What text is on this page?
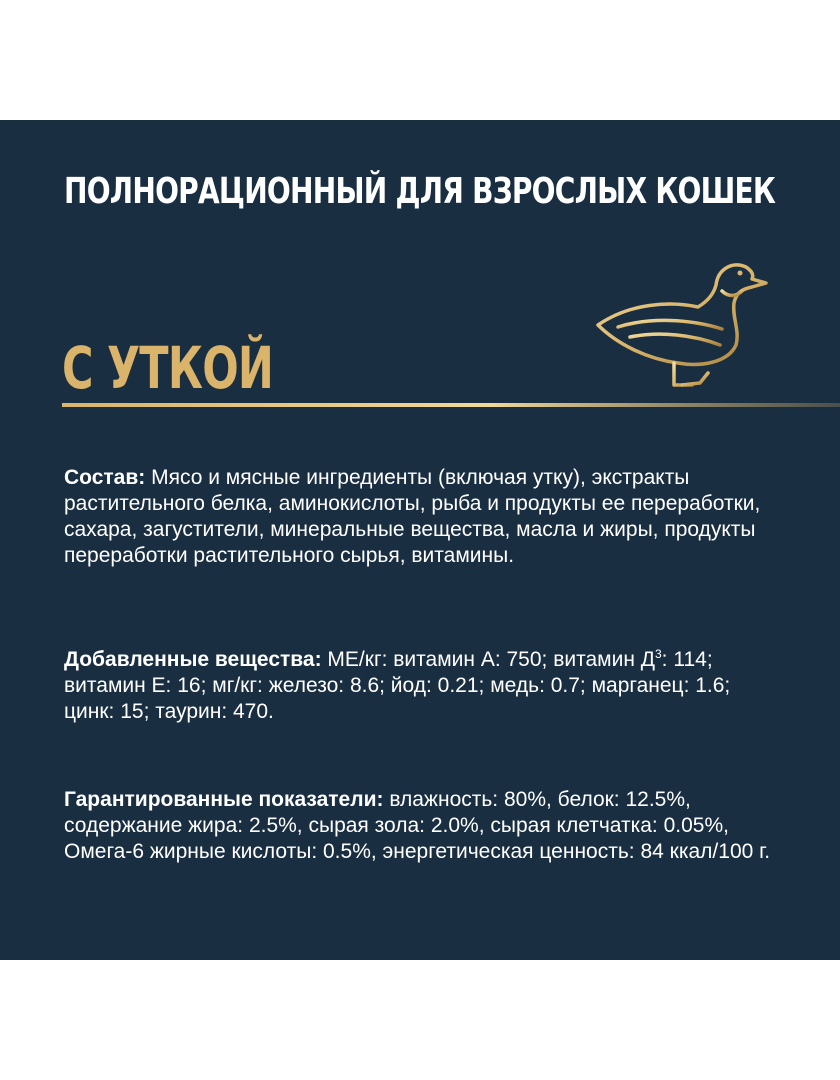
ПОЛНОРАЦИОННЫЙ ДЛЯ ВЗРОСЛЫХ КОШЕК
С УТКОЙ

Состав: Мясо и мясные ингредиенты (включая утку), экстракты растительного белка, аминокислоты, рыба и продукты ее переработки, сахара, загустители, минеральные вещества, масла и жиры, продукты переработки растительного сырья, витамины.

Добавленные вещества: МЕ/кг: витамин А: 750; витамин $Д^3$: 114; витамин Е: 16; мг/кг: железо: 8.6; йод: 0.21; медь: 0.7; марганец: 1.6; цинк: 15; таурин: 470.

Гарантированные показатели: влажность: 80%, белок: 12.5%, содержание жира: 2.5%, сырая зола: 2.0%, сырая клетчатка: 0.05%, Омега-6 жирные кислоты: 0.5%, энергетическая ценность: 84 ккал/100 г.
